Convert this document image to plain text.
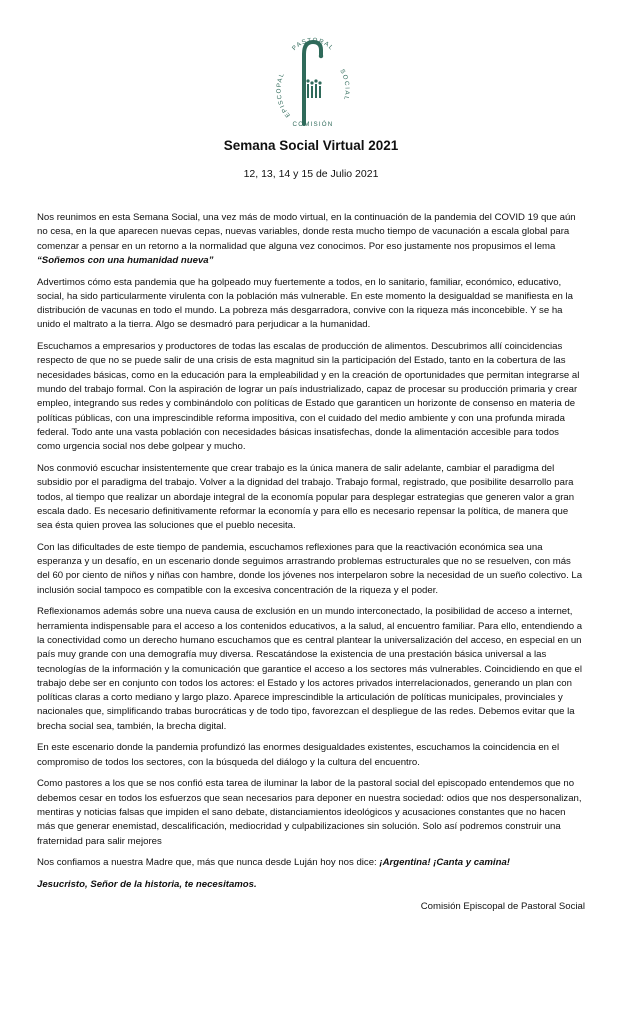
PASTORAL
EPISCOPAL	SOCIAL
COMISIÓN
Semana Social Virtual 2021
12, 13, 14 y 15 de Julio 2021

Nos reunimos en esta Semana Social, una vez más de modo virtual, en la continuación de la pandemia del COVID 19 que aún no cesa, en la que aparecen nuevas cepas, nuevas variables, donde resta mucho tiempo de vacunación a escala global para comenzar a pensar en un retorno a la normalidad que alguna vez conocimos. Por eso justamente nos propusimos el lema “Soñemos con una humanidad nueva”

Advertimos cómo esta pandemia que ha golpeado muy fuertemente a todos, en lo sanitario, familiar, económico, educativo, social, ha sido particularmente virulenta con la población más vulnerable. En este momento la desigualdad se manifiesta en la distribución de vacunas en todo el mundo. La pobreza más desgarradora, convive con la riqueza más inconcebible. Y se ha unido el maltrato a la tierra. Algo se desmadró para perjudicar a la humanidad.

Escuchamos a empresarios y productores de todas las escalas de producción de alimentos. Descubrimos allí coincidencias respecto de que no se puede salir de una crisis de esta magnitud sin la participación del Estado, tanto en la cobertura de las necesidades básicas, como en la educación para la empleabilidad y en la creación de oportunidades que permitan integrarse al mundo del trabajo formal. Con la aspiración de lograr un país industrializado, capaz de procesar su producción primaria y crear empleo, integrando sus redes y combinándolo con políticas de Estado que garanticen un horizonte de consenso en materia de políticas públicas, con una imprescindible reforma impositiva, con el cuidado del medio ambiente y con una profunda mirada federal. Todo ante una vasta población con necesidades básicas insatisfechas, donde la alimentación accesible para todos como urgencia social nos debe golpear y mucho.

Nos conmovió escuchar insistentemente que crear trabajo es la única manera de salir adelante, cambiar el paradigma del subsidio por el paradigma del trabajo. Volver a la dignidad del trabajo. Trabajo formal, registrado, que posibilite desarrollo para todos, al tiempo que realizar un abordaje integral de la economía popular para desplegar estrategias que generen valor a gran escala dado. Es necesario definitivamente reformar la economía y para ello es necesario repensar la política, de manera que sea ésta quien provea las soluciones que el pueblo necesita.

Con las dificultades de este tiempo de pandemia, escuchamos reflexiones para que la reactivación económica sea una esperanza y un desafío, en un escenario donde seguimos arrastrando problemas estructurales que no se resuelven, con más del 60 por ciento de niños y niñas con hambre, donde los jóvenes nos interpelaron sobre la necesidad de un sueño colectivo. La inclusión social tampoco es compatible con la excesiva concentración de la riqueza y el poder.

Reflexionamos además sobre una nueva causa de exclusión en un mundo interconectado, la posibilidad de acceso a internet, herramienta indispensable para el acceso a los contenidos educativos, a la salud, al encuentro familiar. Para ello, entendiendo a la conectividad como un derecho humano escuchamos que es central plantear la universalización del acceso, en especial en un país muy grande con una demografía muy diversa. Rescatándose la existencia de una prestación básica universal a las tecnologías de la información y la comunicación que garantice el acceso a los sectores más vulnerables. Coincidiendo en que el trabajo debe ser en conjunto con todos los actores: el Estado y los actores privados interrelacionados, generando un plan con políticas claras a corto mediano y largo plazo. Aparece imprescindible la articulación de políticas municipales, provinciales y nacionales que, simplificando trabas burocráticas y de todo tipo, favorezcan el despliegue de las redes. Debemos evitar que la brecha social sea, también, la brecha digital.

En este escenario donde la pandemia profundizó las enormes desigualdades existentes, escuchamos la coincidencia en el compromiso de todos los sectores, con la búsqueda del diálogo y la cultura del encuentro.

Como pastores a los que se nos confió esta tarea de iluminar la labor de la pastoral social del episcopado entendemos que no debemos cesar en todos los esfuerzos que sean necesarios para deponer en nuestra sociedad: odios que nos despersonalizan, mentiras y noticias falsas que impiden el sano debate, distanciamientos ideológicos y acusaciones constantes que no hacen más que generar enemistad, descalificación, mediocridad y culpabilizaciones sin solución. Solo así podremos construir una fraternidad para salir mejores

Nos confiamos a nuestra Madre que, más que nunca desde Luján hoy nos dice: ¡Argentina! ¡Canta y camina!

Jesucristo, Señor de la historia, te necesitamos.

Comisión Episcopal de Pastoral Social
